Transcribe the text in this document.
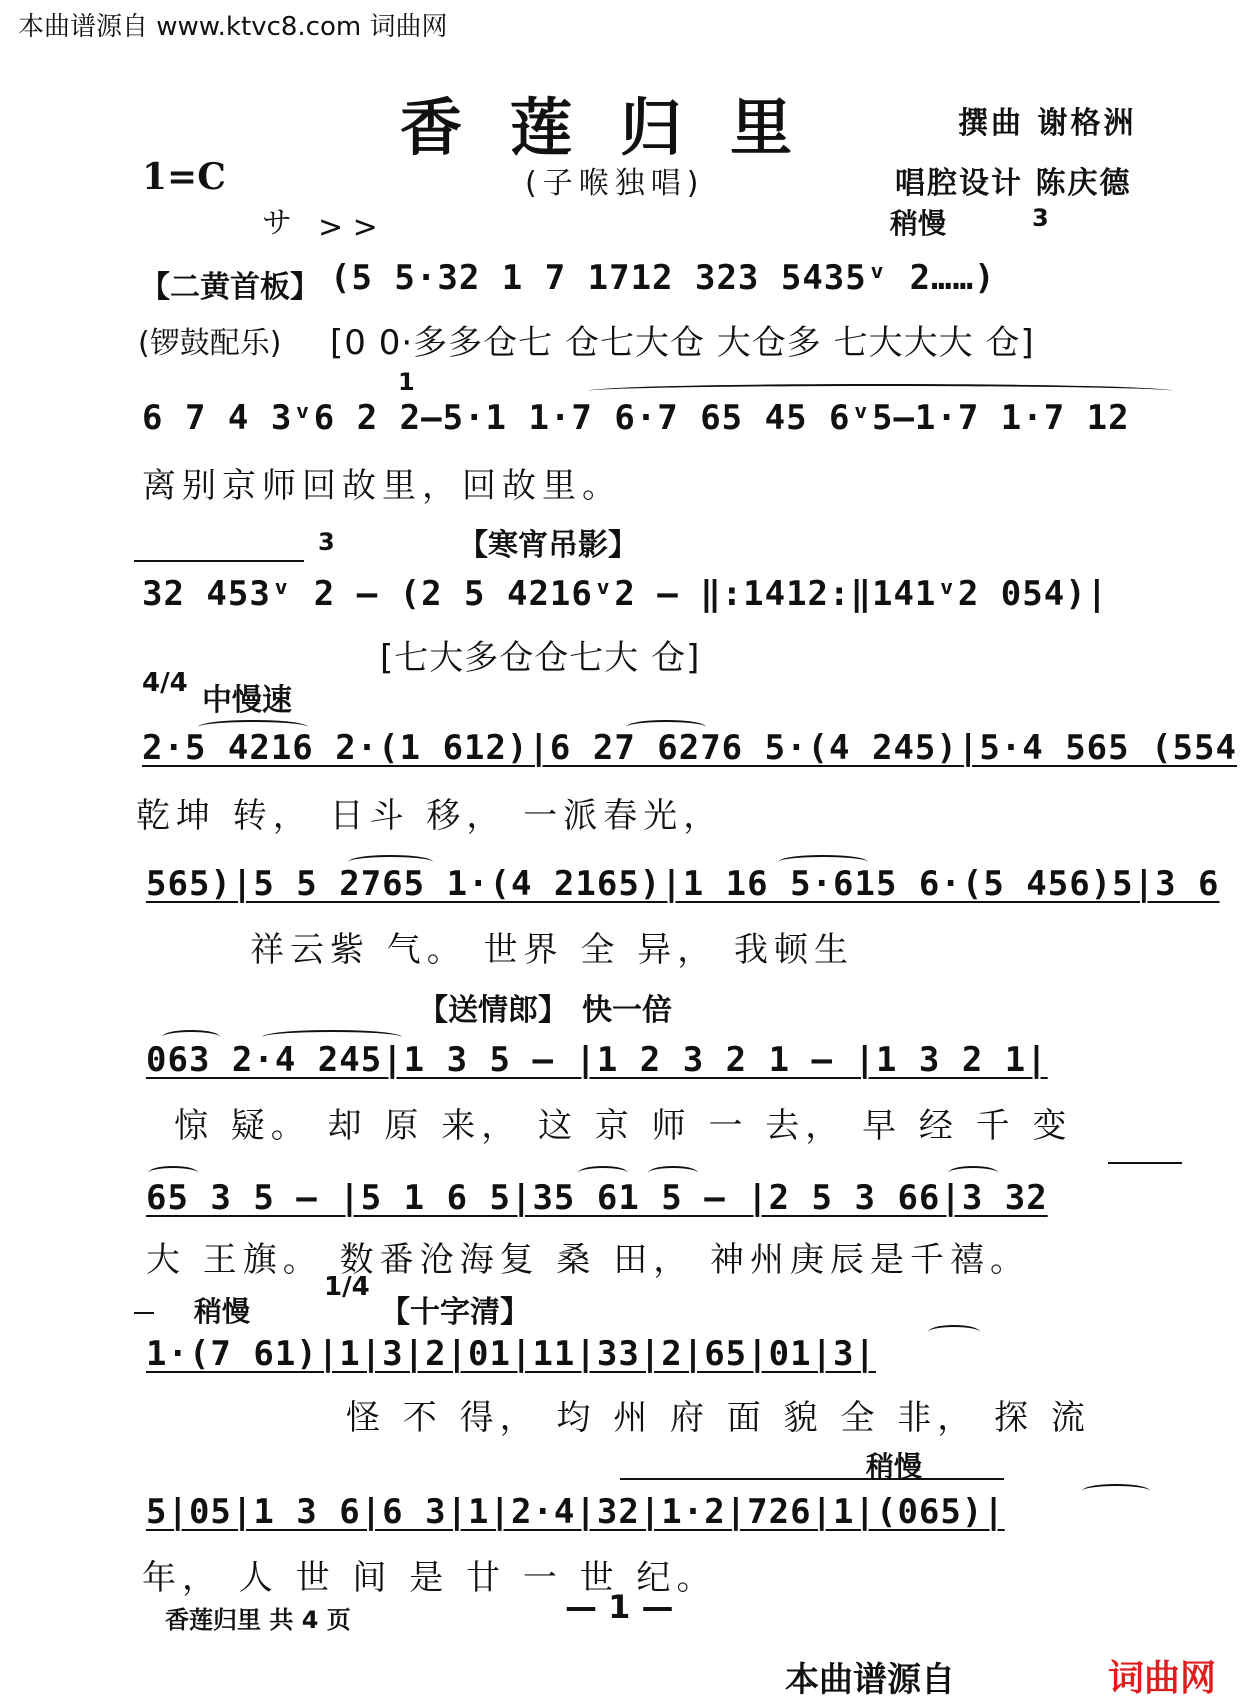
本曲谱源自 www.ktvc8.com 词曲网
香莲归里	撰曲 谢格洲
1=C	(子喉独唱)	唱腔设计 陈庆德
サ > >	稍慢	3
【二黄首板】 (5 5·32 1 7 1712 323 5435ᵛ 2……)
(锣鼓配乐) [0 0·多多仓七 仓七大仓 大仓多 七大大大 仓]
1
6 7 4 3ᵛ6 2 2—5·1 1·7 6·7 65 45 6ᵛ5—1·7 1·7 12
离别京师回故里，回故里。
3	【寒宵吊影】
32 453ᵛ 2 — (2 5 4216ᵛ2 — ‖:1412:‖141ᵛ2 054)|
[七大多仓仓七大 仓]
4/4 中慢速
2·5 4216 2·(1 612)|6 27 6276 5·(4 245)|5·4 565 (554
乾坤 转， 日斗 移， 一派春光，
565)|5 5 2765 1·(4 2165)|1 16 5·615 6·(5 456)5|3 6
祥云紫 气。 世界 全 异， 我顿生
【送情郎】 快一倍
063 2·4 245|1 3 5 — |1 2 3 2 1 — |1 3 2 1|
惊 疑。 却 原 来， 这 京 师 一 去， 早 经 千 变
65 3 5 — |5 1 6 5|35 61 5 — |2 5 3 66|3 32
大 王旗。 数番沧海复 桑 田， 神州庚辰是千禧。
稍慢
1/4
【十字清】
1·(7 61)|1|3|2|01|11|33|2|65|01|3|
怪 不 得， 均 州 府 面 貌 全 非， 探 流
稍慢
5|05|1 3 6|6 3|1|2·4|32|1·2|726|1|(065)|
年， 人 世 间 是 廿 一 世 纪。
香莲归里 共 4 页	— 1 —
本曲谱源自	词曲网
